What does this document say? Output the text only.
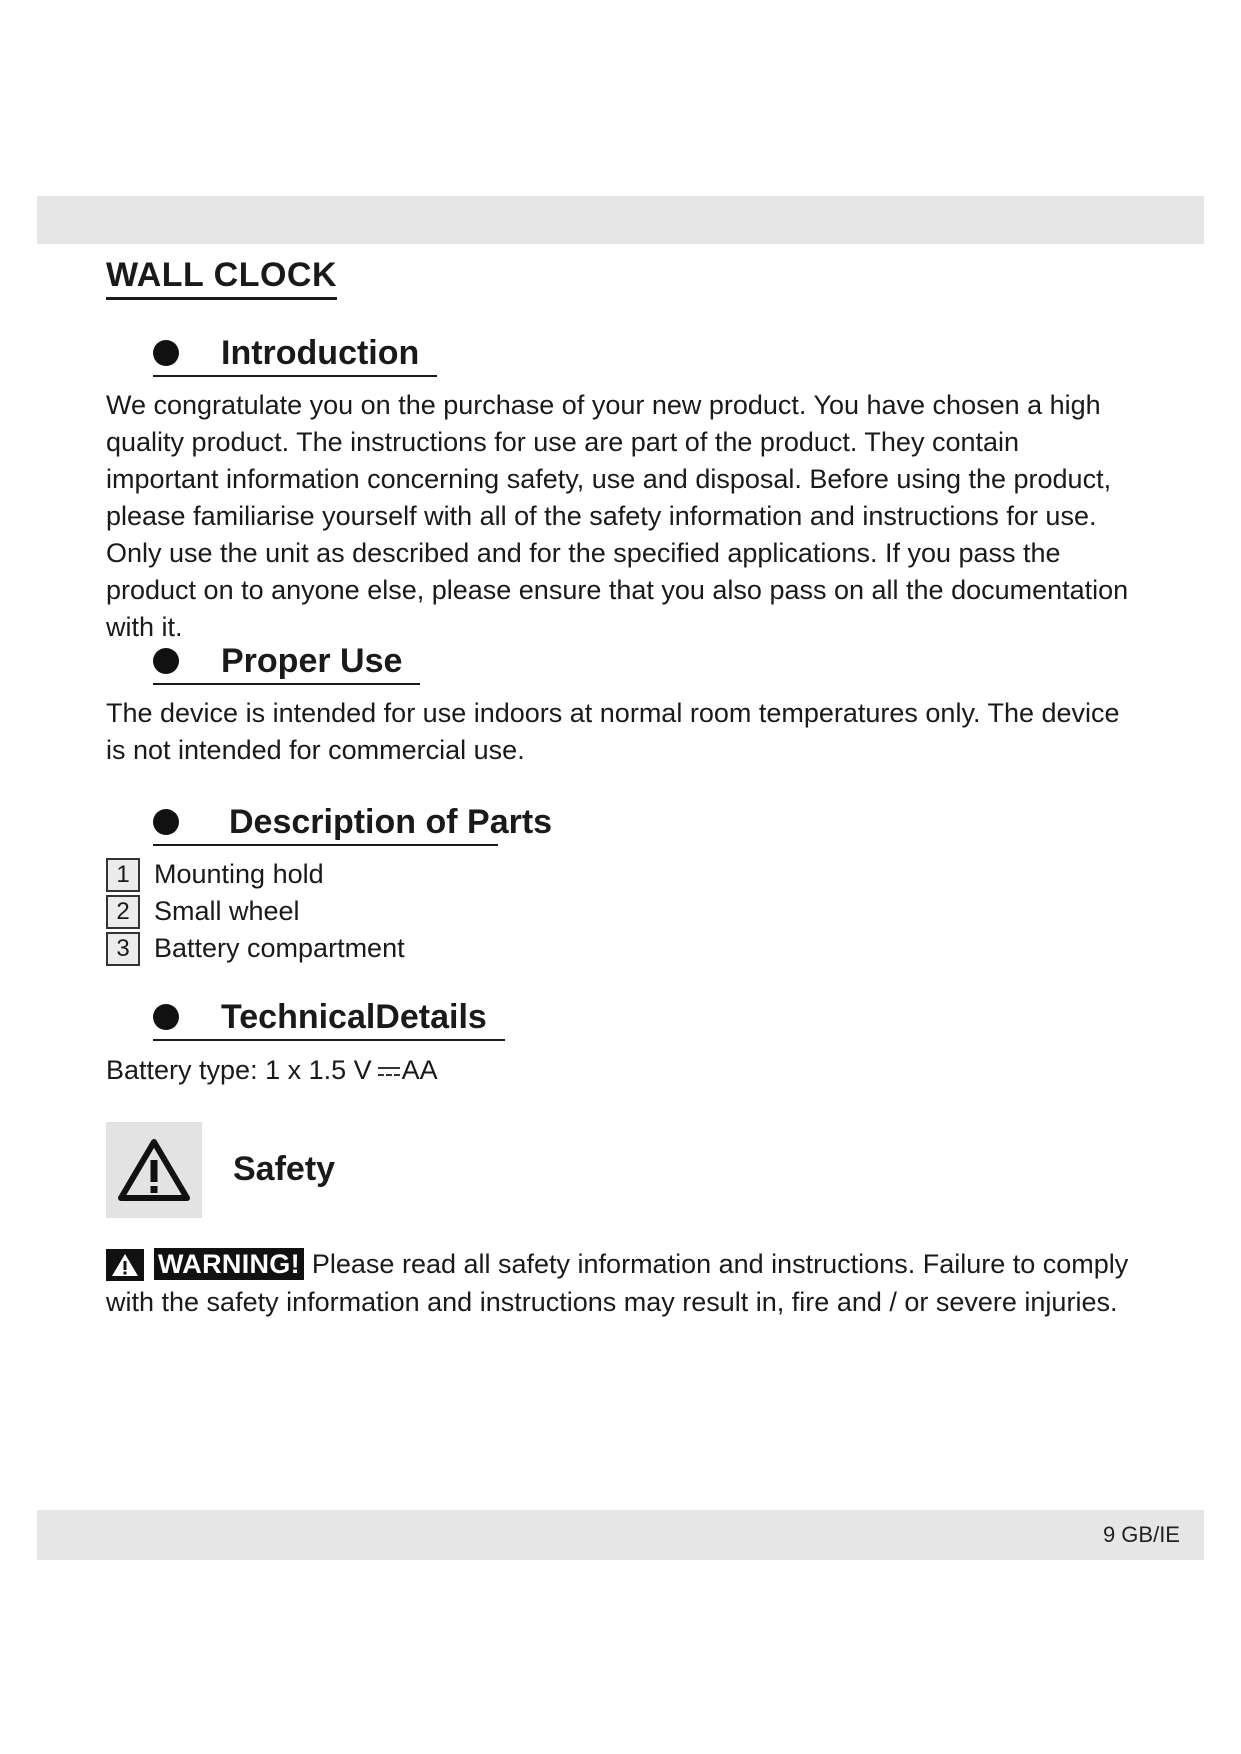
WALL CLOCK
Introduction

We congratulate you on the purchase of your new product. You have chosen a high quality product. The instructions for use are part of the product. They contain important information concerning safety, use and disposal. Before using the product, please familiarise yourself with all of the safety information and instructions for use. Only use the unit as described and for the specified applications. If you pass the product on to anyone else, please ensure that you also pass on all the documentation with it.

Proper Use

The device is intended for use indoors at normal room temperatures only. The device is not intended for commercial use.

Description of Parts
1 Mounting hold
2 Small wheel
3 Battery compartment
TechnicalDetails

Battery type: 1 x 1.5 V AA

Safety

WARNING! Please read all safety information and instructions. Failure to comply with the safety information and instructions may result in, fire and / or severe injuries.

9 GB/IE
